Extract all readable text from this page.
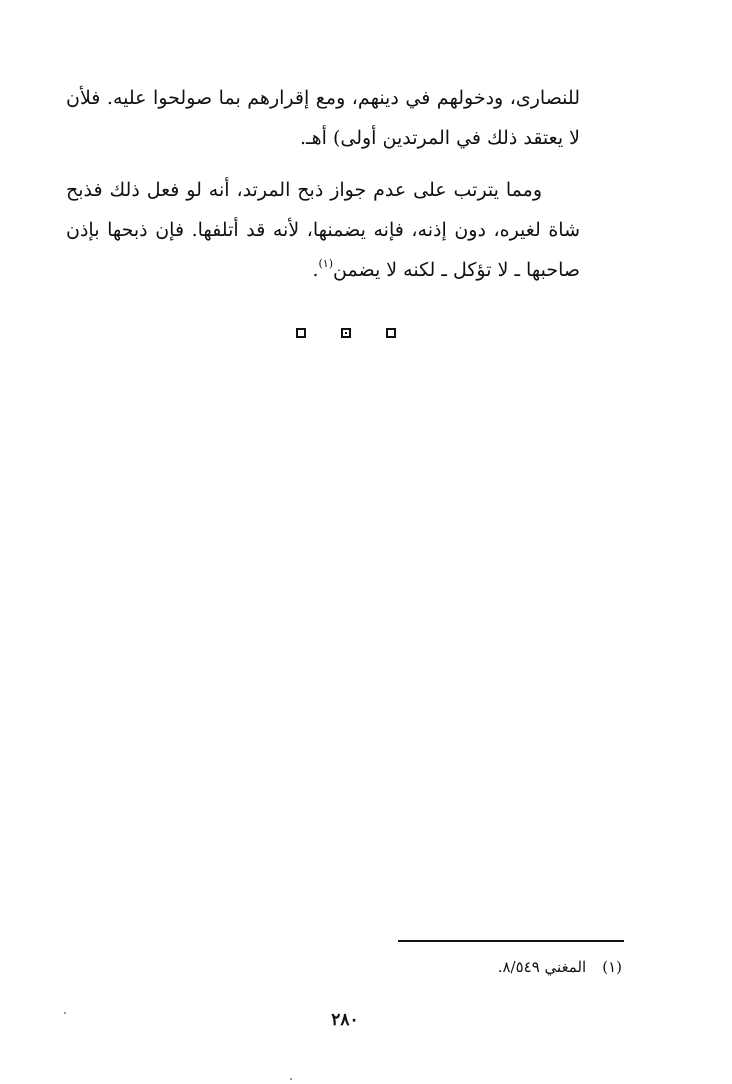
للنصارى، ودخولهم في دينهم، ومع إقرارهم بما صولحوا عليه. فلأن لا يعتقد ذلك في المرتدين أولى) أهـ.

ومما يترتب على عدم جواز ذبح المرتد، أنه لو فعل ذلك فذبح شاة لغيره، دون إذنه، فإنه يضمنها، لأنه قد أتلفها. فإن ذبحها بإذن صاحبها ـ لا تؤكل ـ لكنه لا يضمن$^{(١)}$.

(١)المغني ٨/٥٤٩.
٢٨٠
